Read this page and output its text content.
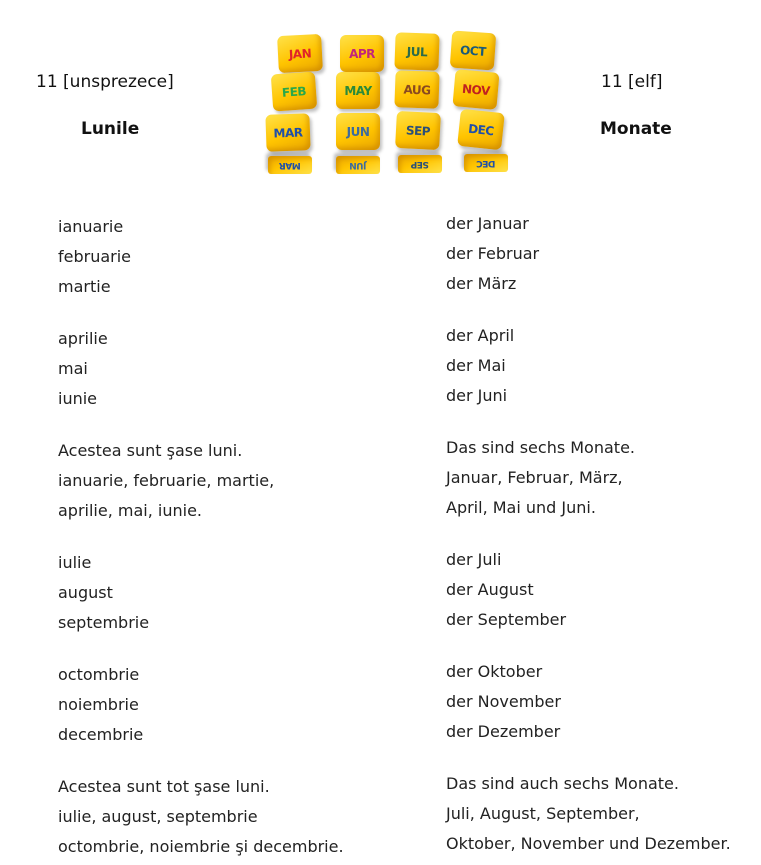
11 [unsprezece]
Lunile
11 [elf]
Monate
JAN
FEB
MAR
MAR
APR
MAY
JUN
JUN
JUL
AUG
SEP
SEP
OCT
NOV
DEC
DEC
ianuarie
februarie
martie
aprilie
mai
iunie
Acestea sunt şase luni.
ianuarie, februarie, martie,
aprilie, mai, iunie.
iulie
august
septembrie
octombrie
noiembrie
decembrie
Acestea sunt tot şase luni.
iulie, august, septembrie
octombrie, noiembrie şi decembrie.
der Januar
der Februar
der März
der April
der Mai
der Juni
Das sind sechs Monate.
Januar, Februar, März,
April, Mai und Juni.
der Juli
der August
der September
der Oktober
der November
der Dezember
Das sind auch sechs Monate.
Juli, August, September,
Oktober, November und Dezember.
